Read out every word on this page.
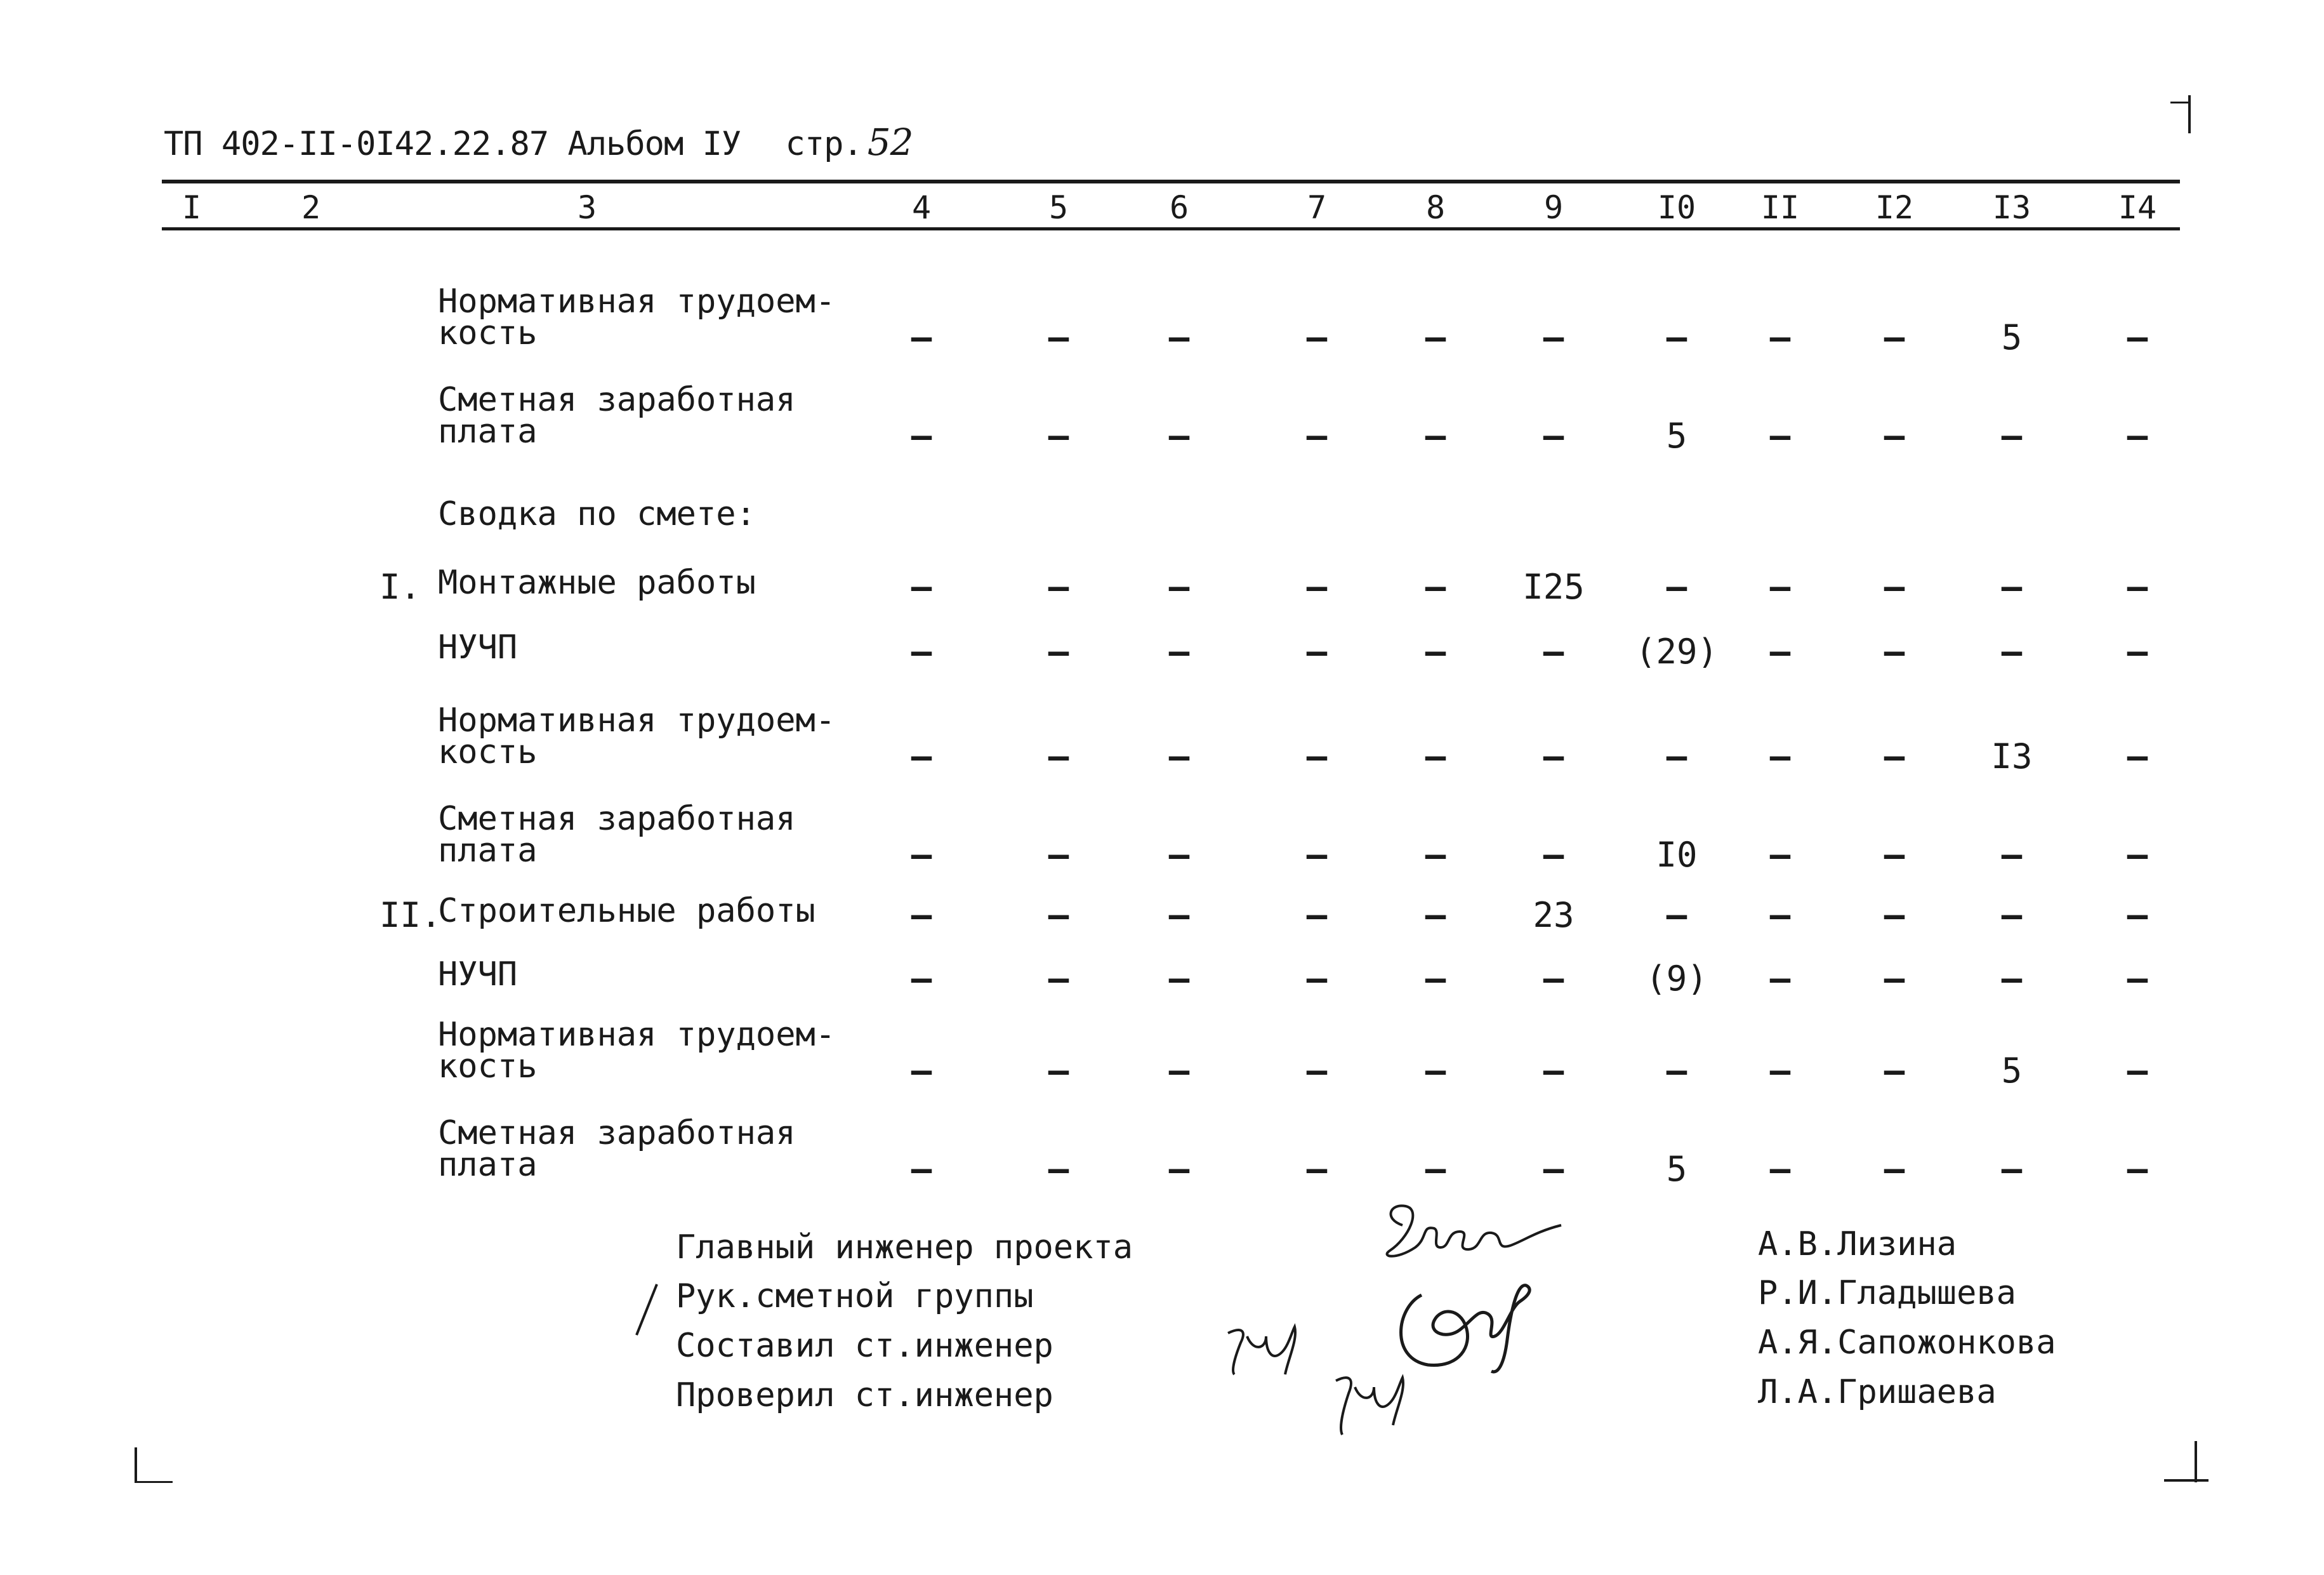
ТП 402-II-0I42.22.87 Альбом IУ стр. 52
I	2	3	4	5	6	7	8	9	I0 II I2 I3	I4
Нормативная трудоем-
кость	–	–	–	–	–	–	– –	–	5	–
Сметная заработная
плата	–	–	–	–	–	–	5 –	–	–	–
Сводка по смете:
I. Монтажные работы	–	–	–	–	– I25 – –	–	–	–
НУЧП	–	–	–	–	–	– (29) –	–	–	–
Нормативная трудоем-
кость	–	–	–	–	–	–	– –	–	I3	–
Сметная заработная
плата	–	–	–	–	–	–	I0 –	–	–	–
II.
Строительные работы	–	–	–	–	–	23	– –	–	–	–
НУЧП	–	–	–	–	–	– (9) –	–	–	–
Нормативная трудоем-
кость	–	–	–	–	–	–	– –	–	5	–
Сметная заработная
плата	–	–	–	–	–	–	5 –	–	–	–
Главный инженер проекта
Рук.сметной группы
Составил ст.инженер
Проверил ст.инженер
А.В.Лизина
Р.И.Гладышева
А.Я.Сапожонкова
Л.А.Гришаева
